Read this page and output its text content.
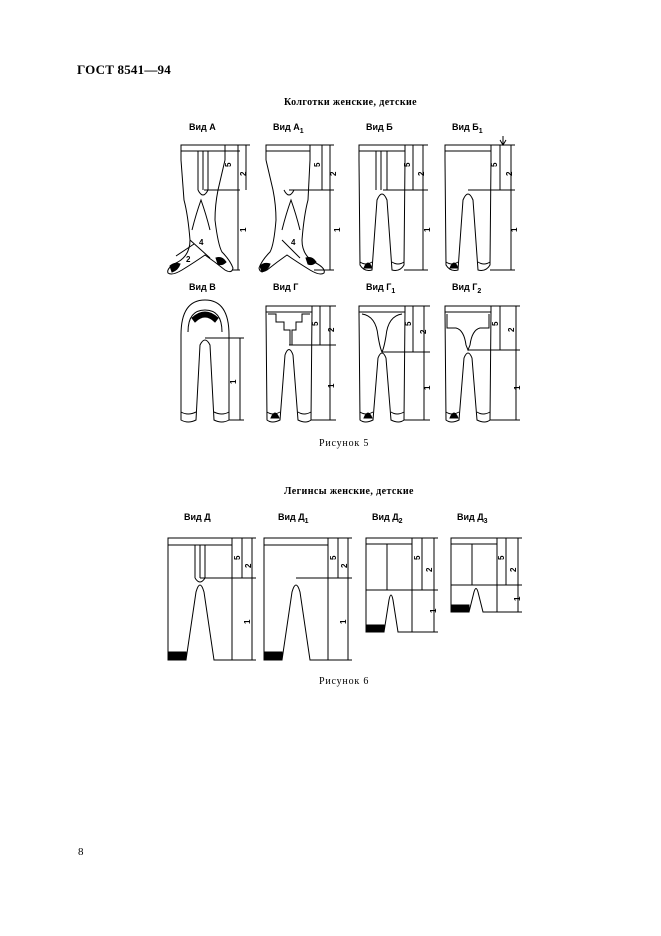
ГОСТ 8541—94
Колготки женские, детские
Легинсы женские, детские
Вид А	Вид $А_1$	Вид Б	Вид $Б_1$
4
2
5
2
1
4
5
2
1
5
2
1
5
2
1
Вид В	Вид Г	Вид $Г_1$	Вид $Г_2$
1
5
2
1
5
2
1
5
2
1
Вид Д	Вид $Д_1$	Вид $Д_2$	Вид $Д_3$
5
2
1
5
2
1
5
2
1
5
2
1
Рисунок 5
Рисунок 6
8
